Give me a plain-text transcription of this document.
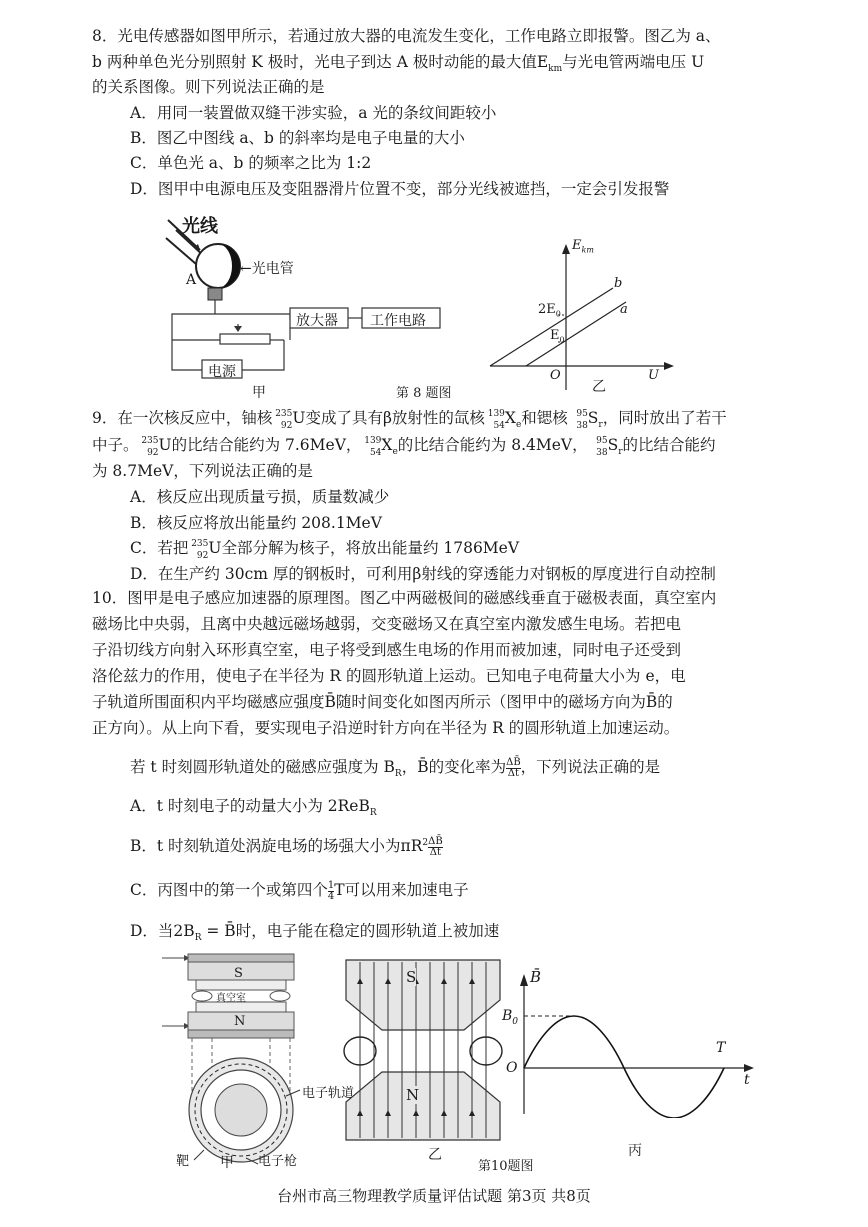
8．光电传感器如图甲所示，若通过放大器的电流发生变化，工作电路立即报警。图乙为 a、
b 两种单色光分别照射 K 极时，光电子到达 A 极时动能的最大值$E_{km}$与光电管两端电压 U
的关系图像。则下列说法正确的是
A．用同一装置做双缝干涉实验，a 光的条纹间距较小
B．图乙中图线 a、b 的斜率均是电子电量的大小
C．单色光 a、b 的频率之比为 1:2
D．图甲中电源电压及变阻器滑片位置不变，部分光线被遮挡，一定会引发报警
光线
←光电管
A
K
放大器 工作电路
电源
甲	第 8 题图
$E_{km}$
$2E_0$
$E_0$
O	U
b
a
乙
9．在一次核反应中，铀核 235
92 U变成了具有β放射性的氙核 139
54 $X_e$和锶核 95
38 $S_r$，同时放出了若干
中子。 235
92 U的比结合能约为 7.6MeV， 139
54 $X_e$的比结合能约为 8.4MeV， 95
38 $S_r$的比结合能约
为 8.7MeV，下列说法正确的是
A．核反应出现质量亏损，质量数减少
B．核反应将放出能量约 208.1MeV
C．若把 235
92 U全部分解为核子，将放出能量约 1786MeV
D．在生产约 30cm 厚的钢板时，可利用β射线的穿透能力对钢板的厚度进行自动控制
10．图甲是电子感应加速器的原理图。图乙中两磁极间的磁感线垂直于磁极表面，真空室内
磁场比中央弱，且离中央越远磁场越弱，交变磁场又在真空室内激发感生电场。若把电
子沿切线方向射入环形真空室，电子将受到感生电场的作用而被加速，同时电子还受到
洛伦兹力的作用，使电子在半径为 R 的圆形轨道上运动。已知电子电荷量大小为 e，电
子轨道所围面积内平均磁感应强度B̄随时间变化如图丙所示（图甲中的磁场方向为B̄的
正方向）。从上向下看，要实现电子沿逆时针方向在半径为 R 的圆形轨道上加速运动。
若 t 时刻圆形轨道处的磁感应强度为 $B_R$，B̄的变化率为 $\frac{\Delta B̄}{\Delta t}$ ，下列说法正确的是
A．t 时刻电子的动量大小为 2ReB$_R$
B．t 时刻轨道处涡旋电场的场强大小为$\pi R^2 \frac{\Delta B̄}{\Delta t}$
C．丙图中的第一个或第四个 $\frac{1}{4}$ T可以用来加速电子
D．当$2B_R$ = B̄时，电子能在稳定的圆形轨道上被加速
S
真空室
N
电子轨道
靶	电子枪
甲
S
N
乙
第10题图
B̄
$B_0$
O
T
t
丙
台州市高三物理教学质量评估试题 第3页 共8页
